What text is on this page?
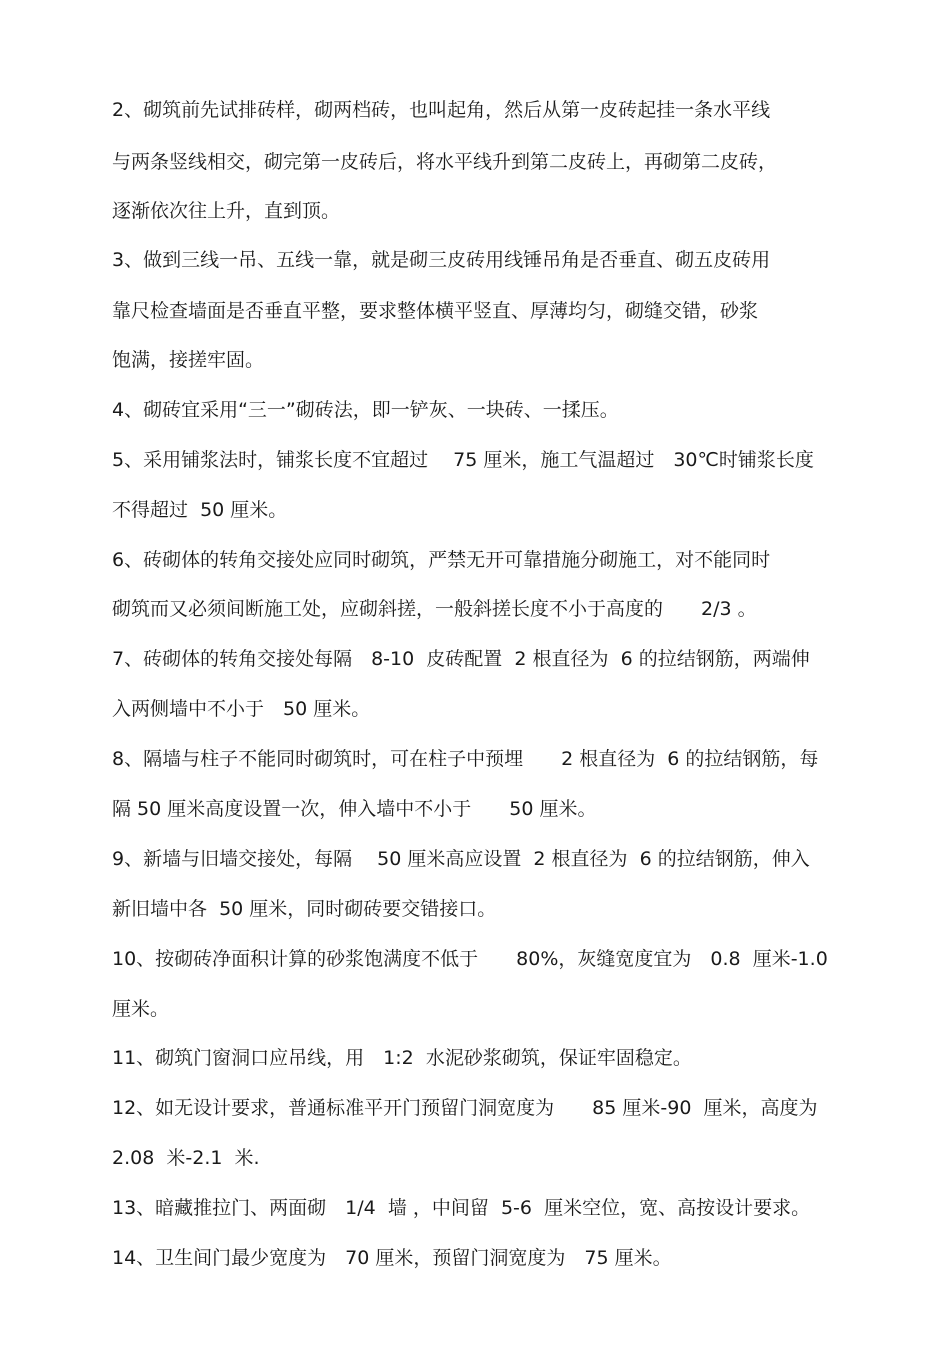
2、砌筑前先试排砖样，砌两档砖，也叫起角，然后从第一皮砖起挂一条水平线

与两条竖线相交，砌完第一皮砖后，将水平线升到第二皮砖上，再砌第二皮砖，

逐渐依次往上升，直到顶。

3、做到三线一吊、五线一靠，就是砌三皮砖用线锤吊角是否垂直、砌五皮砖用

靠尺检查墙面是否垂直平整，要求整体横平竖直、厚薄均匀，砌缝交错，砂浆

饱满，接搓牢固。

4、砌砖宜采用“三一”砌砖法，即一铲灰、一块砖、一揉压。

5、采用铺浆法时，铺浆长度不宜超过　 75 厘米，施工气温超过　30℃时铺浆长度

不得超过  50 厘米。

6、砖砌体的转角交接处应同时砌筑，严禁无开可靠措施分砌施工，对不能同时

砌筑而又必须间断施工处，应砌斜搓，一般斜搓长度不小于高度的　　2/3 。

7、砖砌体的转角交接处每隔　8-10  皮砖配置  2 根直径为  6 的拉结钢筋，两端伸

入两侧墙中不小于　50 厘米。

8、隔墙与柱子不能同时砌筑时，可在柱子中预埋　　2 根直径为  6 的拉结钢筋，每

隔 50 厘米高度设置一次，伸入墙中不小于　　50 厘米。

9、新墙与旧墙交接处，每隔　 50 厘米高应设置  2 根直径为  6 的拉结钢筋，伸入

新旧墙中各  50 厘米，同时砌砖要交错接口。

10、按砌砖净面积计算的砂浆饱满度不低于　　80%，灰缝宽度宜为　0.8  厘米-1.0

厘米。

11、砌筑门窗洞口应吊线，用　1:2  水泥砂浆砌筑，保证牢固稳定。

12、如无设计要求，普通标准平开门预留门洞宽度为　　85 厘米-90  厘米，高度为

2.08  米-2.1  米.

13、暗藏推拉门、两面砌　1/4  墙 ，中间留  5-6  厘米空位，宽、高按设计要求。

14、卫生间门最少宽度为　70 厘米，预留门洞宽度为　75 厘米。
